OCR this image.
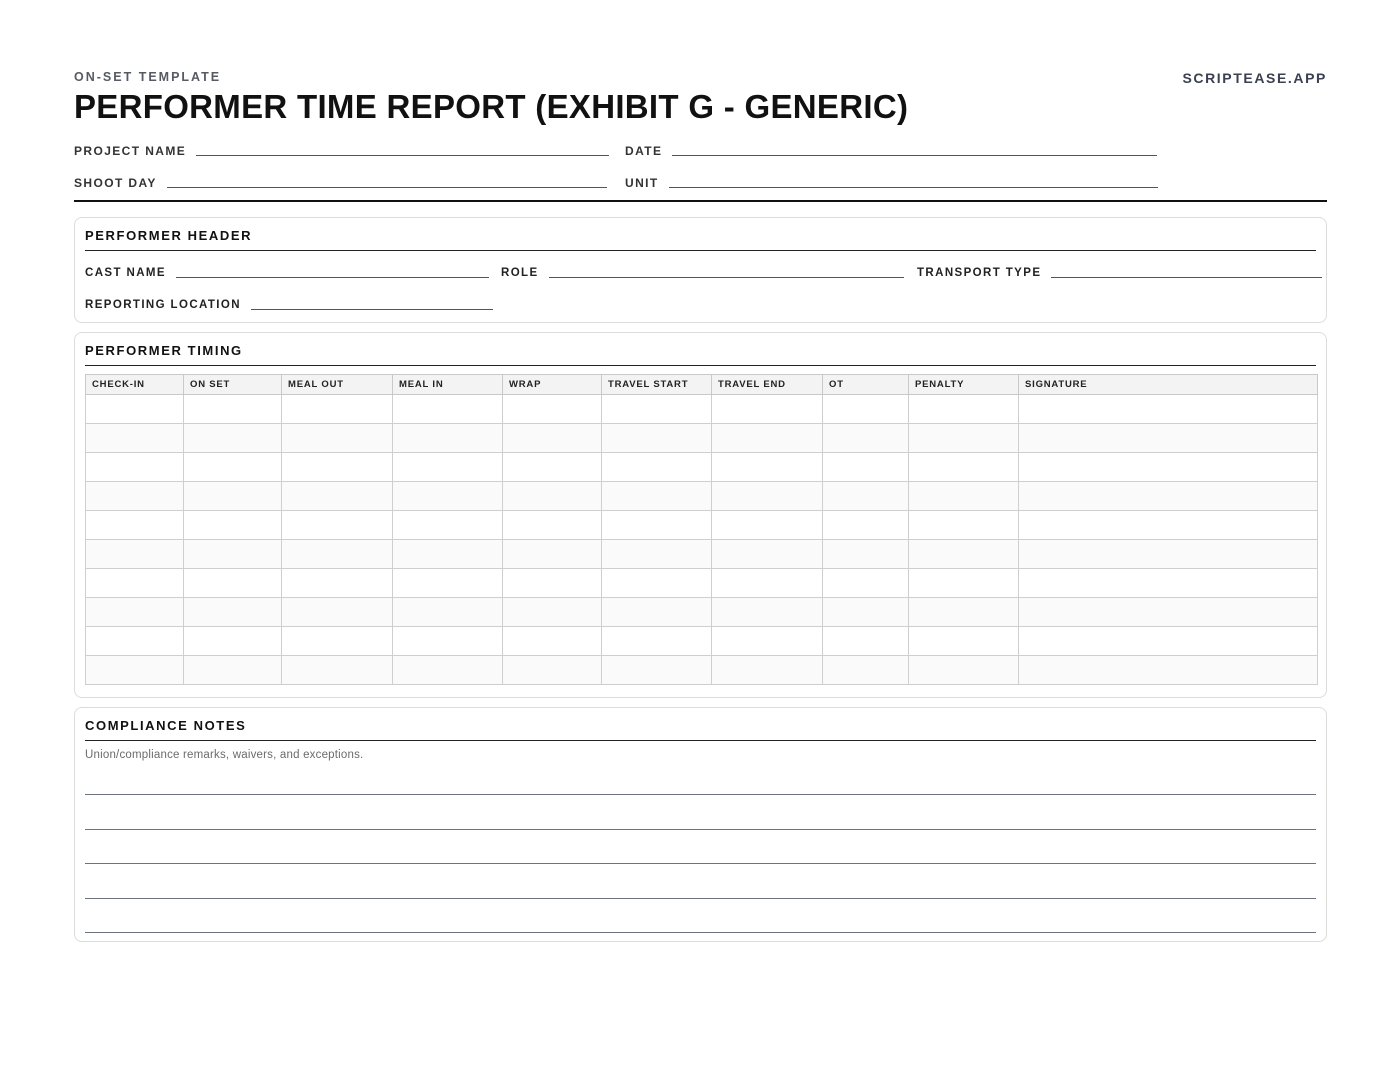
ON-SET TEMPLATE	SCRIPTEASE.APP
PERFORMER TIME REPORT (EXHIBIT G - GENERIC)
PROJECT NAME	DATE
SHOOT DAY	UNIT
PERFORMER HEADER
CAST NAME	ROLE	TRANSPORT TYPE
REPORTING LOCATION
PERFORMER TIMING
CHECK-IN	ON SET	MEAL OUT	MEAL IN	WRAP	TRAVEL START	TRAVEL END	OT	PENALTY	SIGNATURE

COMPLIANCE NOTES
Union/compliance remarks, waivers, and exceptions.
